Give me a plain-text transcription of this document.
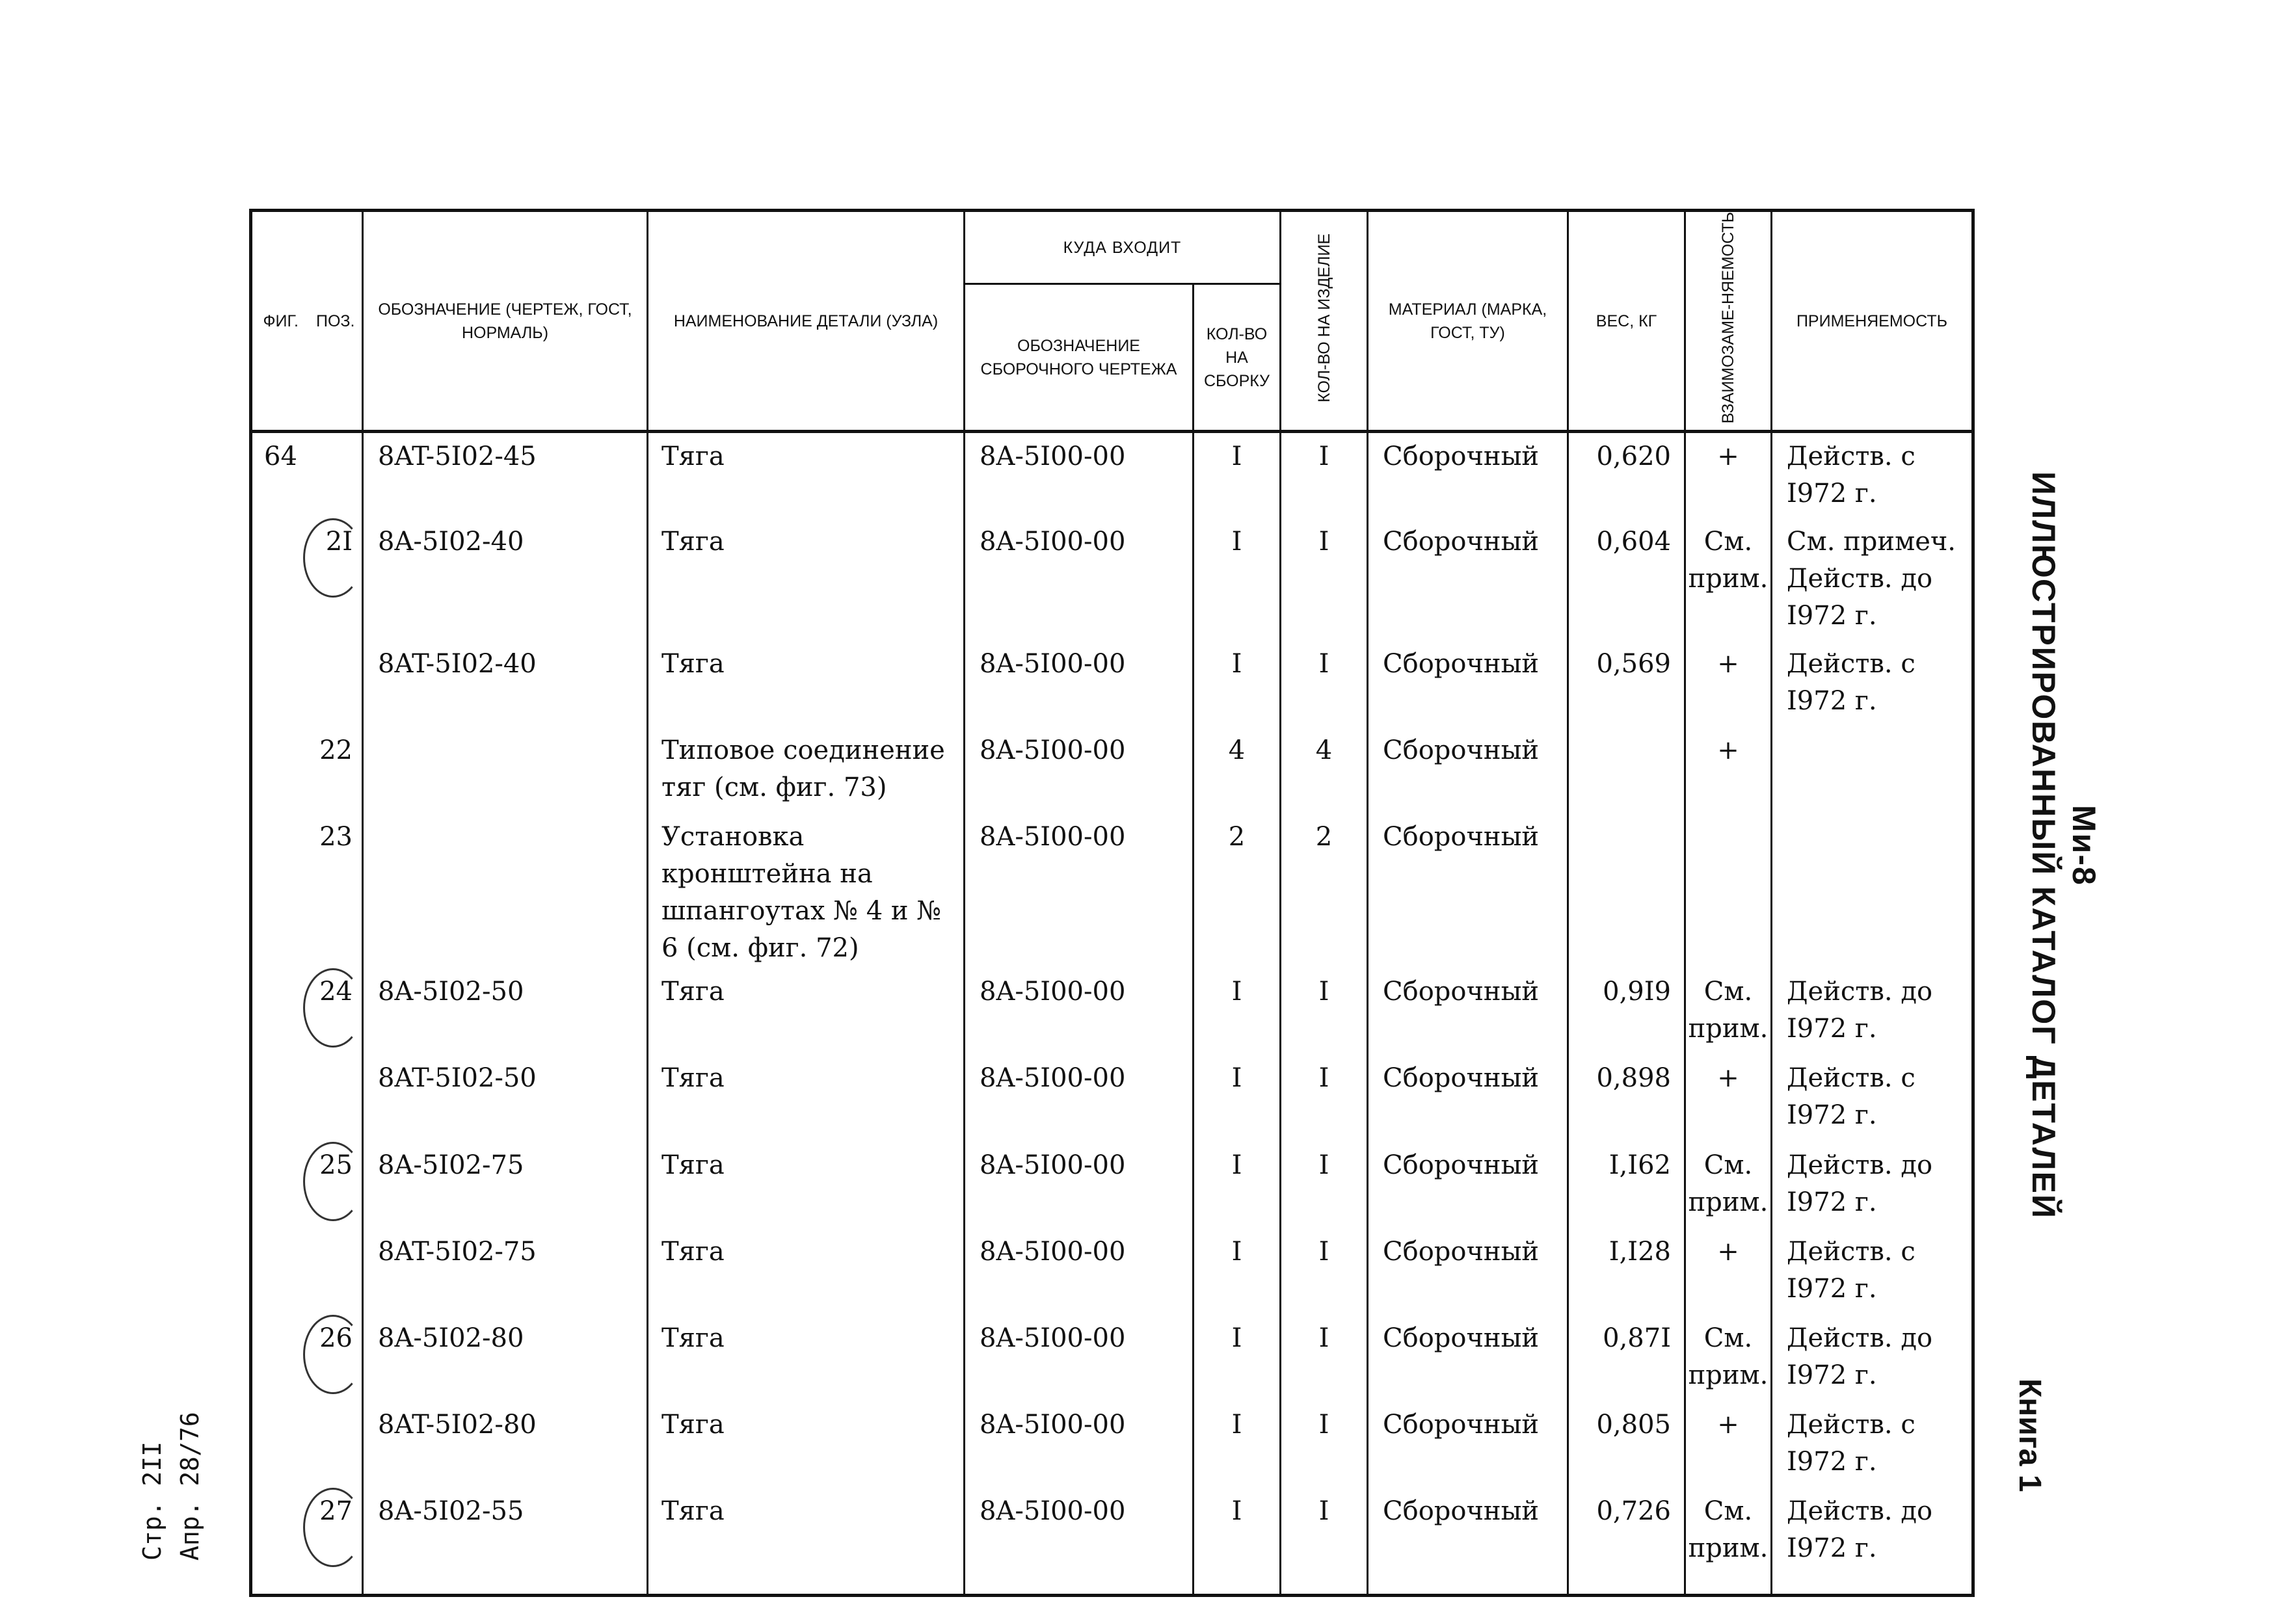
ФИГ.	ПОЗ.	ОБОЗНАЧЕНИЕ (ЧЕРТЕЖ, ГОСТ, НОРМАЛЬ)	НАИМЕНОВАНИЕ ДЕТАЛИ (УЗЛА)	КУДА ВХОДИТ		КОЛ-ВО НА ИЗДЕЛИЕ	МАТЕРИАЛ (МАРКА, ГОСТ, ТУ)	ВЕС, КГ	ВЗАИМОЗАМЕ-НЯЕМОСТЬ	ПРИМЕНЯЕМОСТЬ
				ОБОЗНАЧЕНИЕ СБОРОЧНОГО ЧЕРТЕЖА	КОЛ-ВО НА СБОРКУ					
64		8AT-5I02-45	Тяга	8A-5I00-00	I	I	Сборочный	0,620	+	Действ. с I972 г.
	2I	8A-5I02-40	Тяга	8A-5I00-00	I	I	Сборочный	0,604	См. прим.	См. примеч. Действ. до I972 г.
		8AT-5I02-40	Тяга	8A-5I00-00	I	I	Сборочный	0,569	+	Действ. с I972 г.
	22		Типовое соединение тяг (см. фиг. 73)	8A-5I00-00	4	4	Сборочный		+	
	23		Установка кронштейна на шпангоутах № 4 и № 6 (см. фиг. 72)	8A-5I00-00	2	2	Сборочный			
	24	8A-5I02-50	Тяга	8A-5I00-00	I	I	Сборочный	0,9I9	См. прим.	Действ. до I972 г.
		8AT-5I02-50	Тяга	8A-5I00-00	I	I	Сборочный	0,898	+	Действ. с I972 г.
	25	8A-5I02-75	Тяга	8A-5I00-00	I	I	Сборочный	I,I62	См. прим.	Действ. до I972 г.
		8AT-5I02-75	Тяга	8A-5I00-00	I	I	Сборочный	I,I28	+	Действ. с I972 г.
	26	8A-5I02-80	Тяга	8A-5I00-00	I	I	Сборочный	0,87I	См. прим.	Действ. до I972 г.
		8AT-5I02-80	Тяга	8A-5I00-00	I	I	Сборочный	0,805	+	Действ. с I972 г.
	27	8A-5I02-55	Тяга	8A-5I00-00	I	I	Сборочный	0,726	См. прим.	Действ. до I972 г.
Ми-8
ИЛЛЮСТРИРОВАННЫЙ КАТАЛОГ ДЕТАЛЕЙ
Книга 1
Стр. 2II Апр. 28/76
